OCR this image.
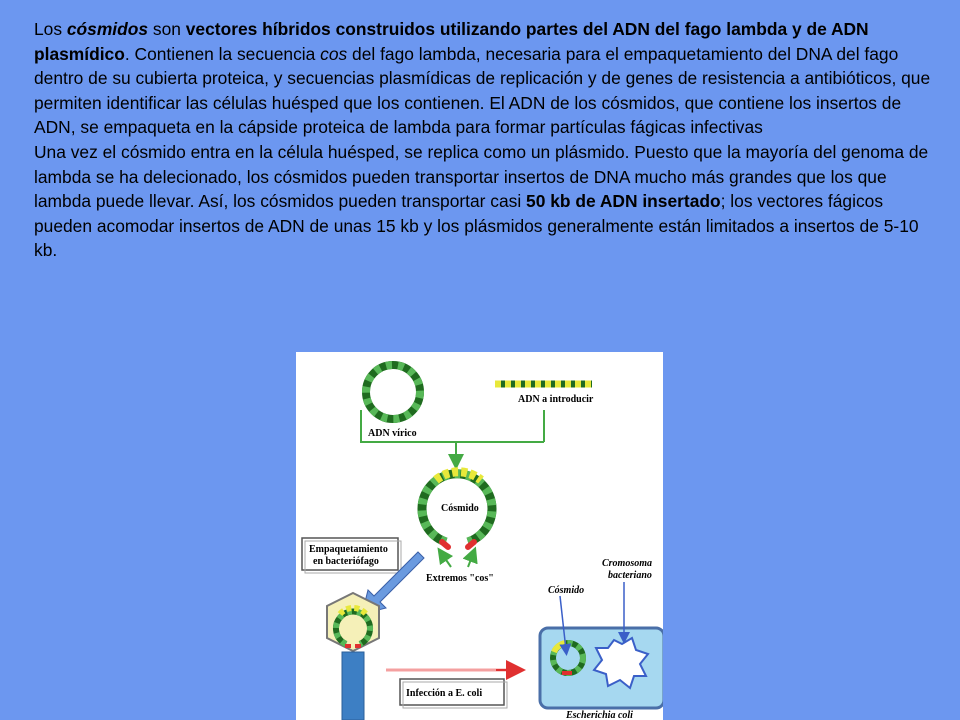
Los cósmidos son vectores híbridos construidos utilizando partes del ADN del fago lambda y de ADN plasmídico. Contienen la secuencia cos del fago lambda, necesaria para el empaquetamiento del DNA del fago dentro de su cubierta proteica, y secuencias plasmídicas de replicación y de genes de resistencia a antibióticos, que permiten identificar las células huésped que los contienen. El ADN de los cósmidos, que contiene los insertos de ADN, se empaqueta en la cápside proteica de lambda para formar partículas fágicas infectivas

Una vez el cósmido entra en la célula huésped, se replica como un plásmido. Puesto que la mayoría del genoma de lambda se ha delecionado, los cósmidos pueden transportar insertos de DNA mucho más grandes que los que lambda puede llevar. Así, los cósmidos pueden transportar casi 50 kb de ADN insertado; los vectores fágicos pueden acomodar insertos de ADN de unas 15 kb y los plásmidos generalmente están limitados a insertos de 5-10 kb.

ADN vírico
ADN a introducir
Cósmido
Extremos "cos"
Empaquetamiento
en bacteriófago
Infección a E. coli
Cósmido
Cromosoma
bacteriano
Escherichia coli
